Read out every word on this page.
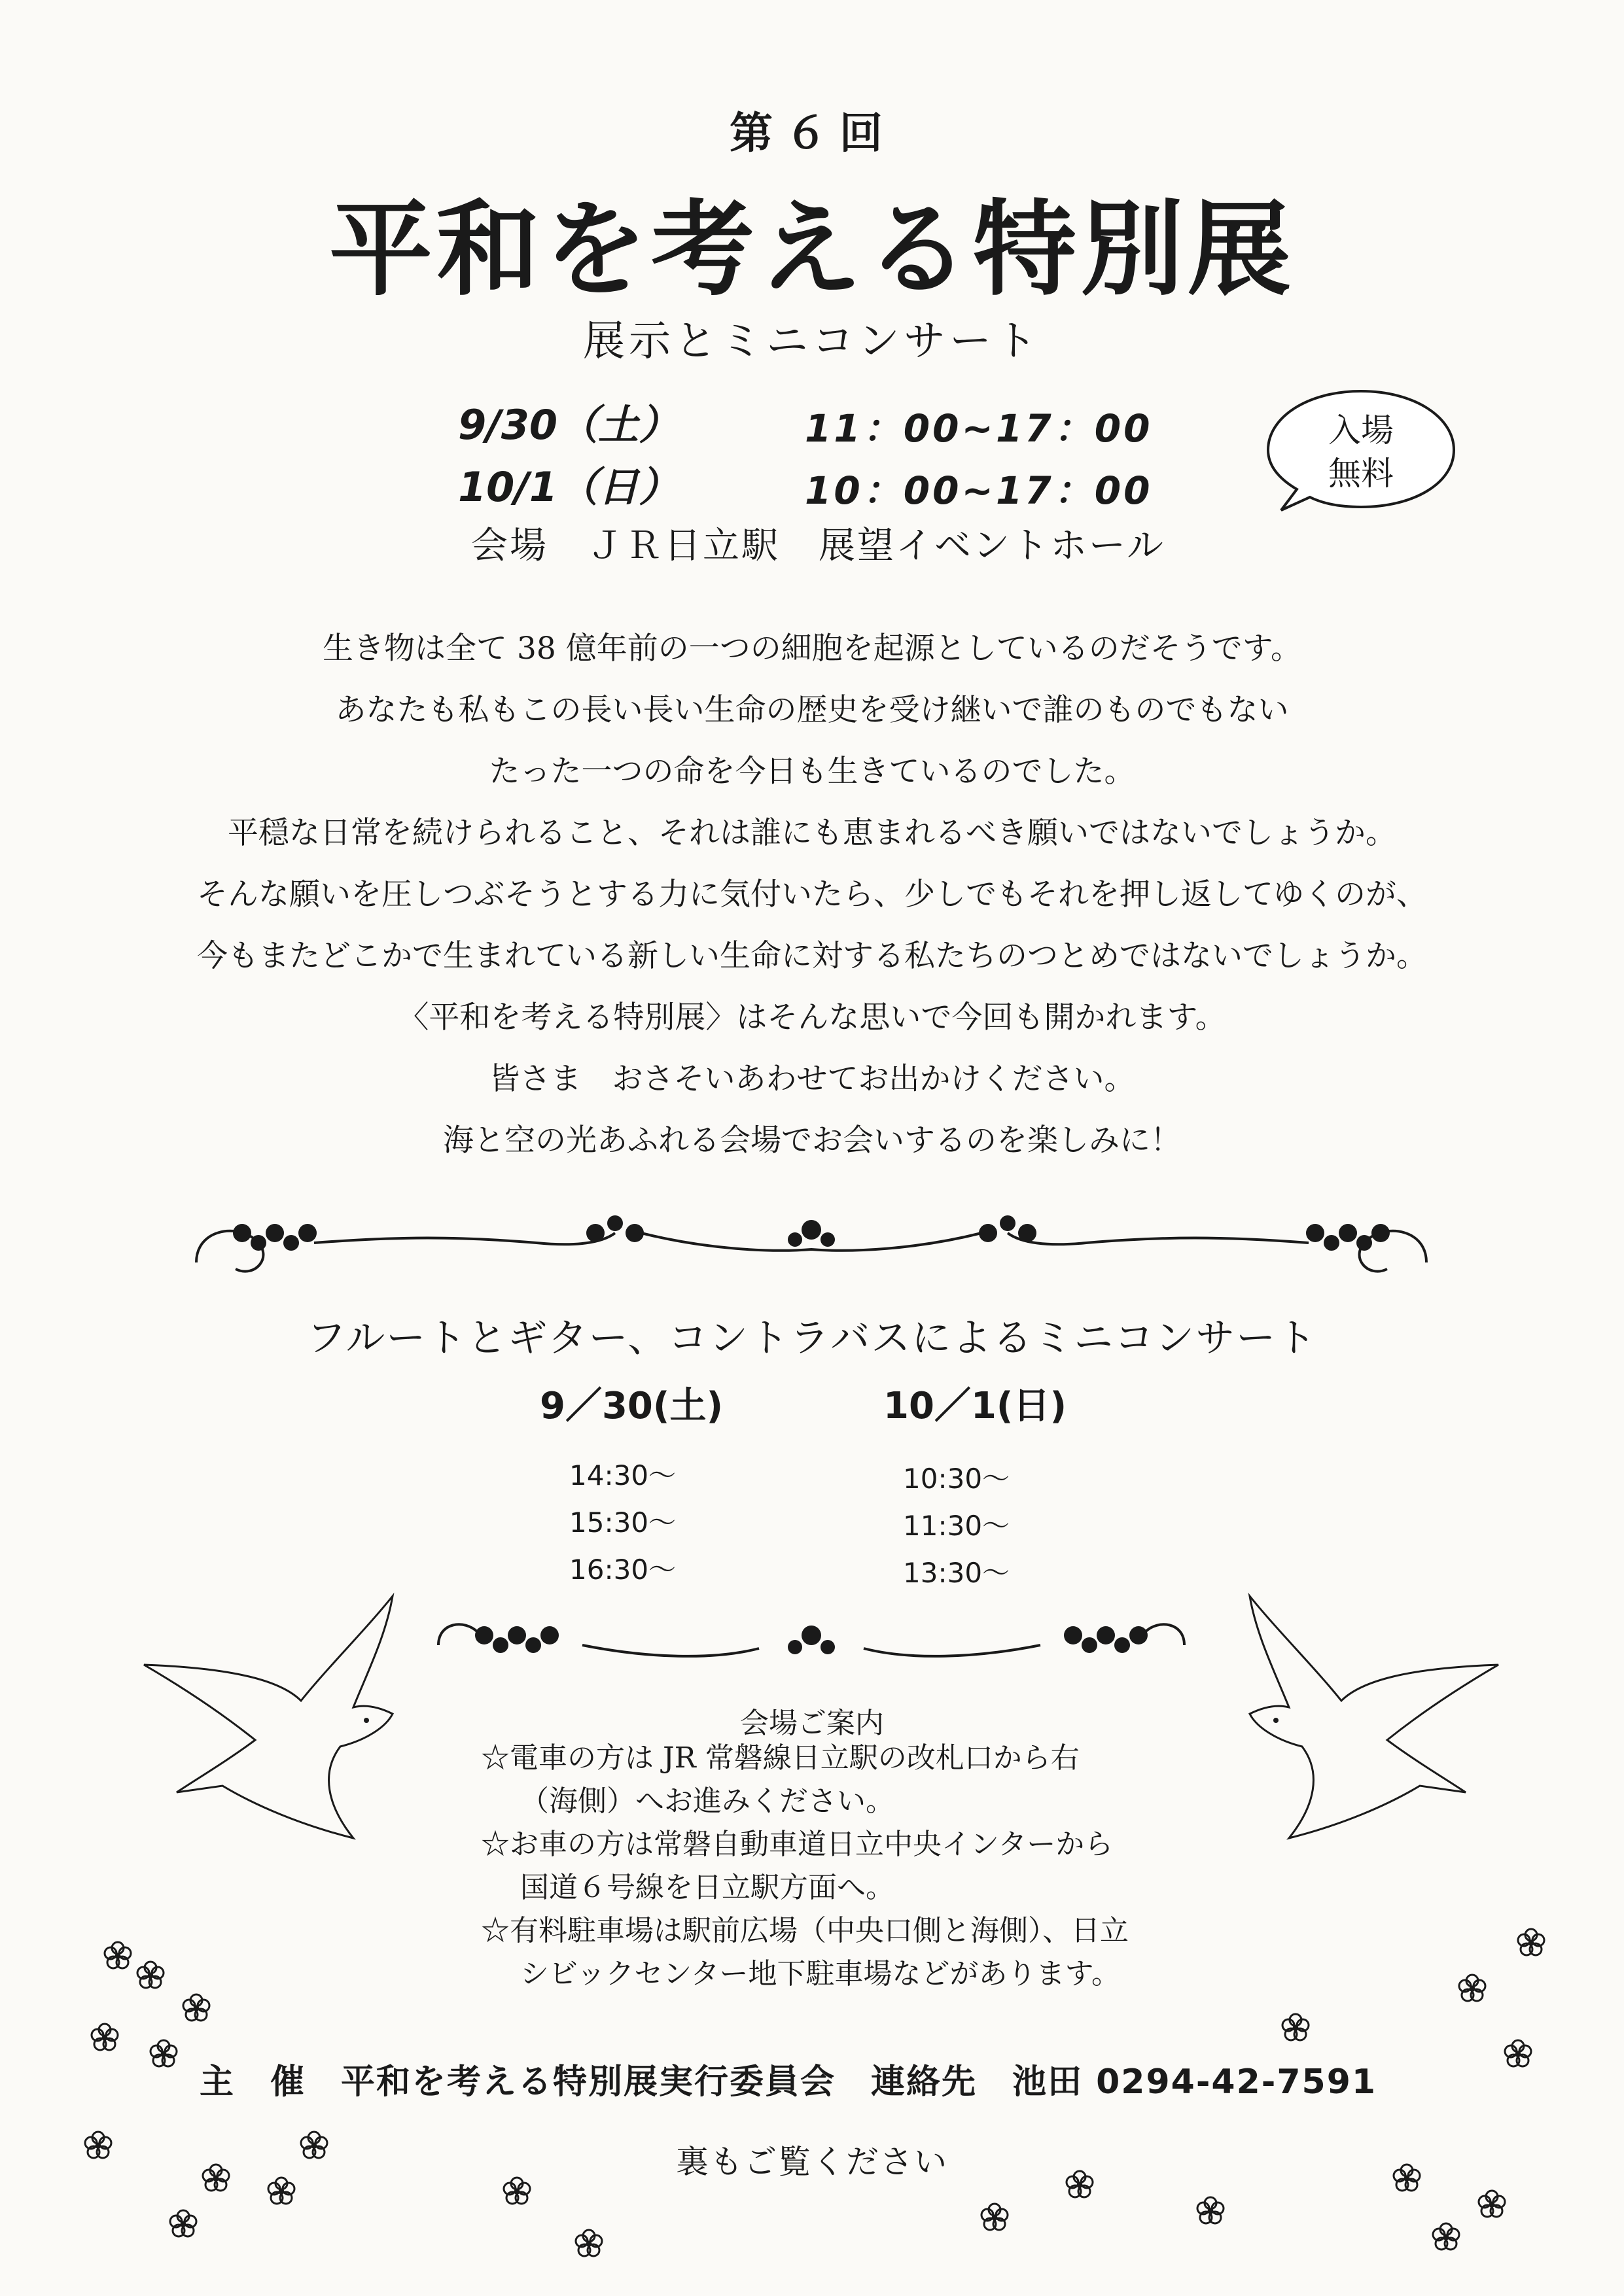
第６回
平和を考える特別展
展示とミニコンサート
9/30（土）	11：00~17：00
10/1（日）	10：00~17：00
会場　ＪＲ日立駅　展望イベントホール
入場
無料
生き物は全て 38 億年前の一つの細胞を起源としているのだそうです。
あなたも私もこの長い長い生命の歴史を受け継いで誰のものでもない
たった一つの命を今日も生きているのでした。
平穏な日常を続けられること、それは誰にも恵まれるべき願いではないでしょうか。
そんな願いを圧しつぶそうとする力に気付いたら、少しでもそれを押し返してゆくのが、
今もまたどこかで生まれている新しい生命に対する私たちのつとめではないでしょうか。
〈平和を考える特別展〉はそんな思いで今回も開かれます。
皆さま　おさそいあわせてお出かけください。
海と空の光あふれる会場でお会いするのを楽しみに！
フルートとギター、コントラバスによるミニコンサート
9／30(土)
14:30～
15:30～
16:30～
10／1(日)
10:30～
11:30～
13:30～
会場ご案内
☆電車の方は JR 常磐線日立駅の改札口から右
（海側）へお進みください。
☆お車の方は常磐自動車道日立中央インターから
国道６号線を日立駅方面へ。
☆有料駐車場は駅前広場（中央口側と海側）、日立
シビックセンター地下駐車場などがあります。
主　催　平和を考える特別展実行委員会　連絡先　池田 0294-42-7591
裏もご覧ください
